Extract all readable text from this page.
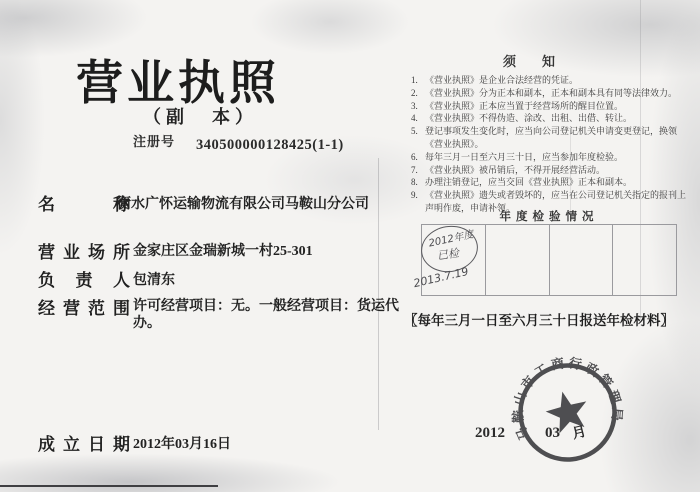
营业执照
（副　本）
注册号 340500000128425(1-1)
名称
衡水广怀运输物流有限公司马鞍山分公司
营业场所 金家庄区金瑞新城一村25-301
负责人 包清东
经营范围 许可经营项目：无。一般经营项目：货运代办。
成立日期 2012年03月16日
须知
1. 《营业执照》是企业合法经营的凭证。
2. 《营业执照》分为正本和副本，正本和副本具有同等法律效力。
3. 《营业执照》正本应当置于经营场所的醒目位置。
4. 《营业执照》不得伪造、涂改、出租、出借、转让。
5. 登记事项发生变化时，应当向公司登记机关申请变更登记，换领《营业执照》。
6. 每年三月一日至六月三十日，应当参加年度检验。
7. 《营业执照》被吊销后，不得开展经营活动。
8. 办理注销登记，应当交回《营业执照》正本和副本。
9. 《营业执照》遗失或者毁坏的，应当在公司登记机关指定的报刊上声明作废，申请补领。
年度检验情况
2012年度
已检
2013.7.19
〖每年三月一日至六月三十日报送年检材料〗
2012	03 月
马鞍山市工商行政管理局
